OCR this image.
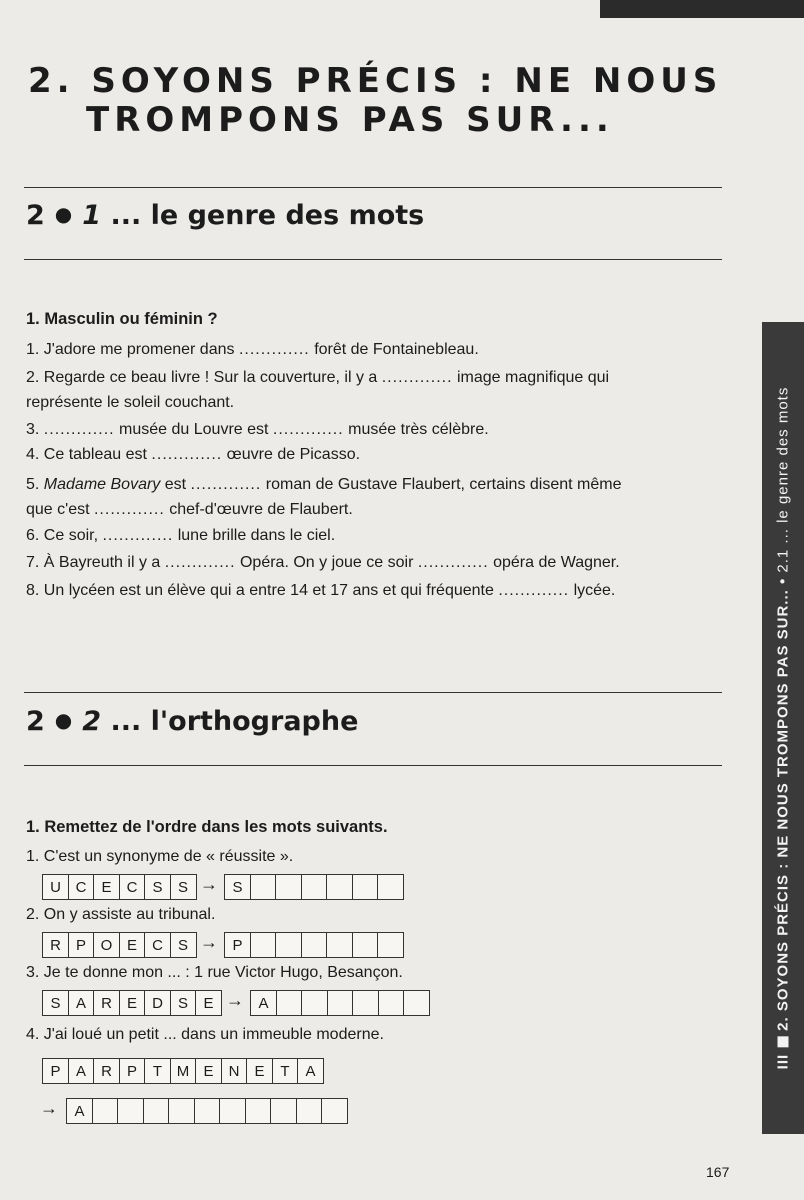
2. SOYONS PRÉCIS : NE NOUS
TROMPONS PAS SUR...
2 ● 1 ... le genre des mots
1. Masculin ou féminin ?
1. J'adore me promener dans ............. forêt de Fontainebleau.
2. Regarde ce beau livre ! Sur la couverture, il y a ............. image magnifique qui représente le soleil couchant.
3. ............. musée du Louvre est ............. musée très célèbre.
4. Ce tableau est ............. œuvre de Picasso.
5. Madame Bovary est ............. roman de Gustave Flaubert, certains disent même que c'est ............. chef-d'œuvre de Flaubert.
6. Ce soir, ............. lune brille dans le ciel.
7. À Bayreuth il y a ............. Opéra. On y joue ce soir ............. opéra de Wagner.
8. Un lycéen est un élève qui a entre 14 et 17 ans et qui fréquente ............. lycée.
2 ● 2 ... l'orthographe
1. Remettez de l'ordre dans les mots suivants.
1. C'est un synonyme de « réussite ».
U C	E	C	S	S → S
2. On y assiste au tribunal.
R	P O E	C	S → P
3. Je te donne mon ... : 1 rue Victor Hugo, Besançon.
S	A	R	E	D	S	E → A
4. J'ai loué un petit ... dans un immeuble moderne.
P	A	R	P	T M E	N	E	T	A
→	A
III2. SOYONS PRÉCIS : NE NOUS TROMPONS PAS SUR... • 2.1 ... le genre des mots
167
